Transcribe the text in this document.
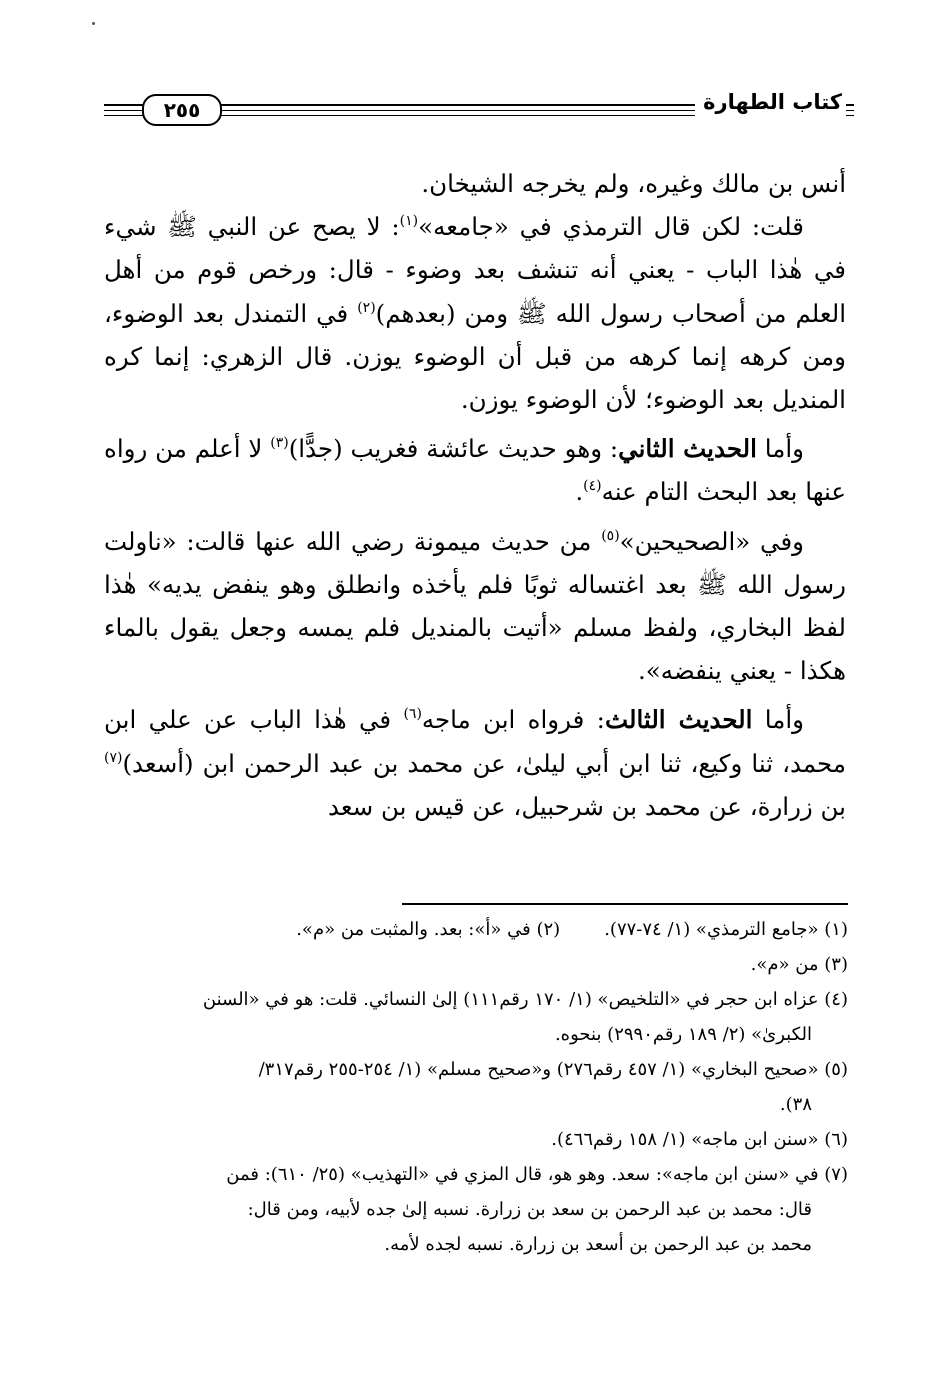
كتاب الطهارة
٢٥٥

أنس بن مالك وغيره، ولم يخرجه الشيخان.

قلت: لكن قال الترمذي في «جامعه»$^{(١)}$: لا يصح عن النبي ﷺ شيء في هٰذا الباب - يعني أنه تنشف بعد وضوء - قال: ورخص قوم من أهل العلم من أصحاب رسول الله ﷺ ومن (بعدهم)$^{(٢)}$ في التمندل بعد الوضوء، ومن كرهه إنما كرهه من قبل أن الوضوء يوزن. قال الزهري: إنما كره المنديل بعد الوضوء؛ لأن الوضوء يوزن.

وأما الحديث الثاني: وهو حديث عائشة فغريب (جدًّا)$^{(٣)}$ لا أعلم من رواه عنها بعد البحث التام عنه$^{(٤)}$.

وفي «الصحيحين»$^{(٥)}$ من حديث ميمونة رضي الله عنها قالت: «ناولت رسول الله ﷺ بعد اغتساله ثوبًا فلم يأخذه وانطلق وهو ينفض يديه» هٰذا لفظ البخاري، ولفظ مسلم «أتيت بالمنديل فلم يمسه وجعل يقول بالماء هكذا - يعني ينفضه».

وأما الحديث الثالث: فرواه ابن ماجه$^{(٦)}$ في هٰذا الباب عن علي ابن محمد، ثنا وكيع، ثنا ابن أبي ليلىٰ، عن محمد بن عبد الرحمن ابن (أسعد)$^{(٧)}$ بن زرارة، عن محمد بن شرحبيل، عن قيس بن سعد

(١) «جامع الترمذي» (١/ ٧٤-٧٧).
(٢) في «أ»: بعد. والمثبت من «م».
(٣) من «م».
(٤) عزاه ابن حجر في «التلخيص» (١/ ١٧٠ رقم١١١) إلىٰ النسائي. قلت: هو في «السنن
الكبرىٰ» (٢/ ١٨٩ رقم٢٩٩٠) بنحوه.
(٥) «صحيح البخاري» (١/ ٤٥٧ رقم٢٧٦) و«صحيح مسلم» (١/ ٢٥٤-٢٥٥ رقم٣١٧/
٣٨).
(٦) «سنن ابن ماجه» (١/ ١٥٨ رقم٤٦٦).
(٧) في «سنن ابن ماجه»: سعد. وهو هو، قال المزي في «التهذيب» (٢٥/ ٦١٠): فمن
قال: محمد بن عبد الرحمن بن سعد بن زرارة. نسبه إلىٰ جده لأبيه، ومن قال:
محمد بن عبد الرحمن بن أسعد بن زرارة. نسبه لجده لأمه.
